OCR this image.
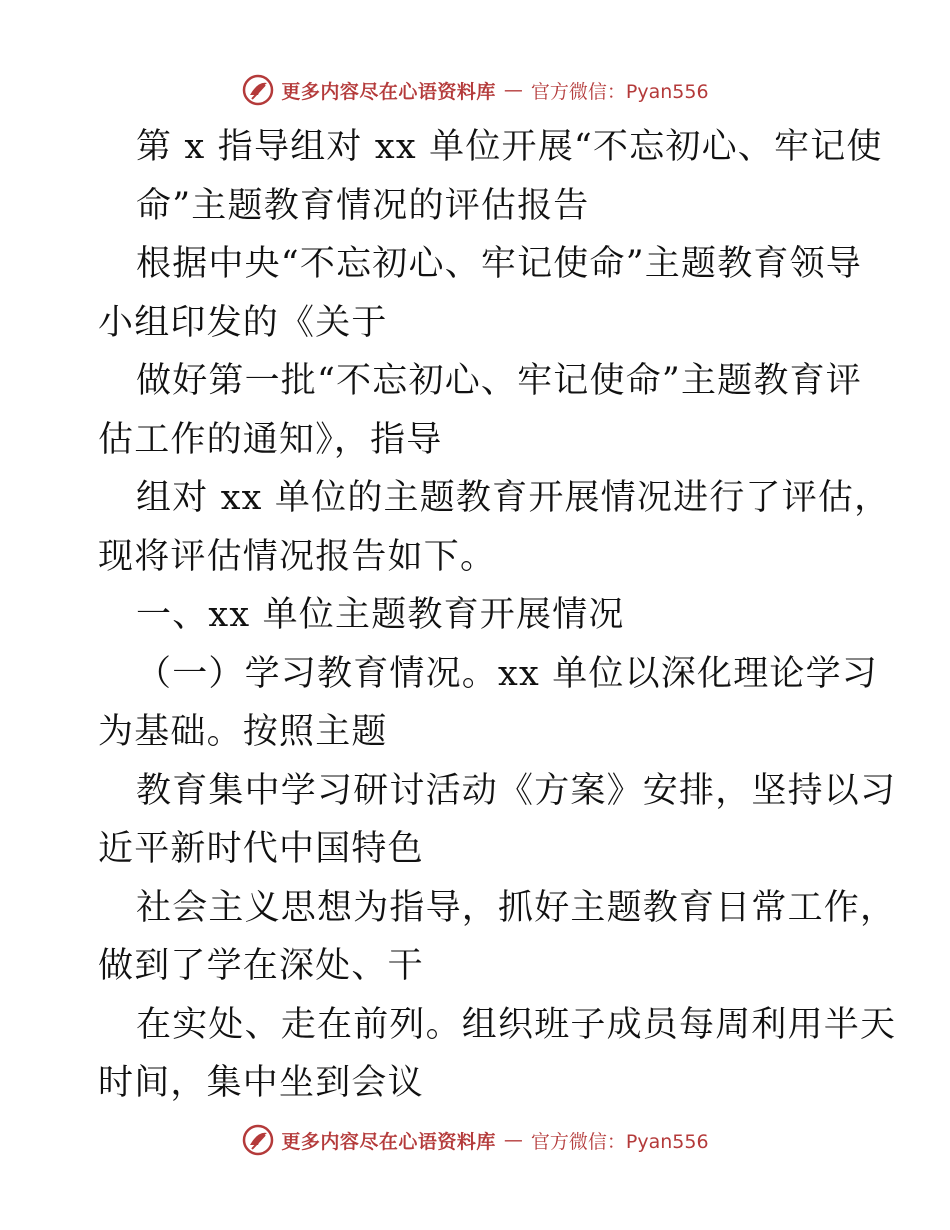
更多内容尽在心语资料库 — 官方微信：Pyan556
第 x 指导组对 xx 单位开展“不忘初心、牢记使
命”主题教育情况的评估报告
根据中央“不忘初心、牢记使命”主题教育领导
小组印发的《关于
做好第一批“不忘初心、牢记使命”主题教育评
估工作的通知》，指导
组对 xx 单位的主题教育开展情况进行了评估，
现将评估情况报告如下。
一、xx 单位主题教育开展情况
（一）学习教育情况。xx 单位以深化理论学习
为基础。按照主题
教育集中学习研讨活动《方案》安排，坚持以习
近平新时代中国特色
社会主义思想为指导，抓好主题教育日常工作，
做到了学在深处、干
在实处、走在前列。组织班子成员每周利用半天
时间，集中坐到会议
更多内容尽在心语资料库 — 官方微信：Pyan556
